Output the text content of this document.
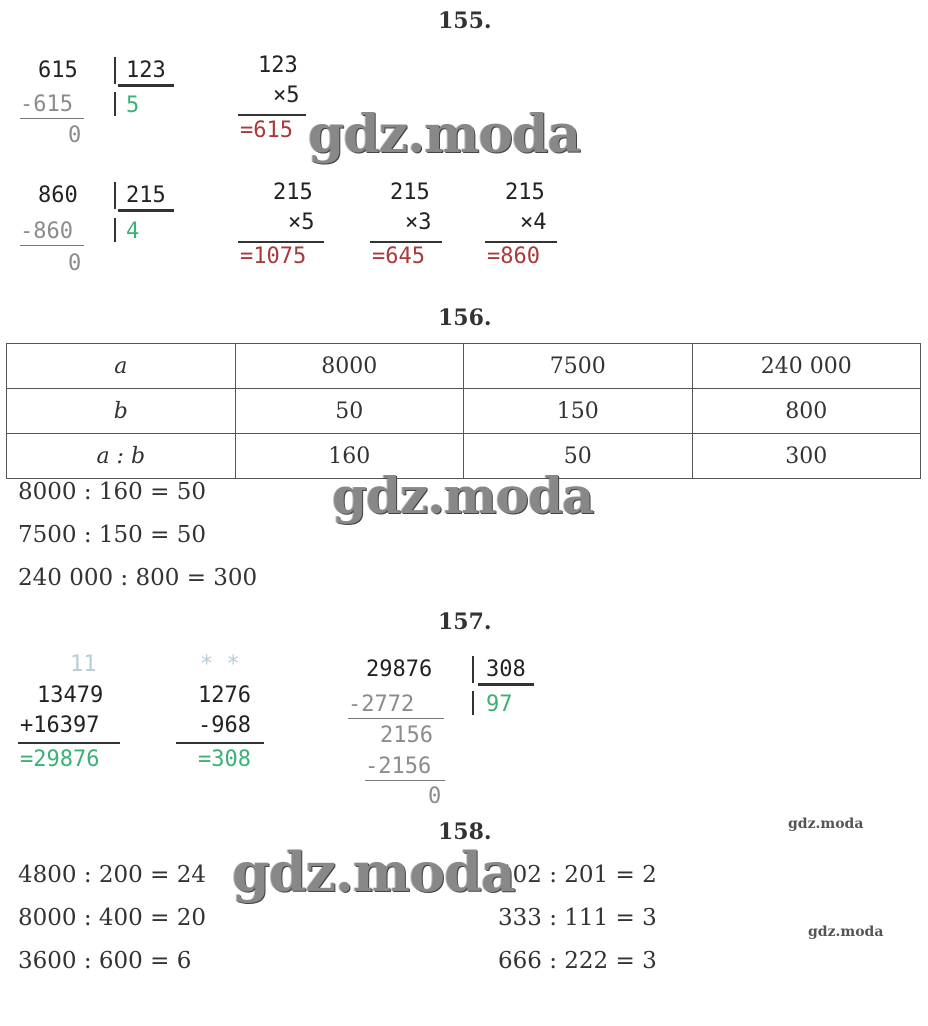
155.
615 123
-615 5
0
123
×5
=615
860 215
-860 4
0
215
×5
=1075
215
×3
=645
215
×4
=860
gdz.moda
156.
a	8000	7500	240 000
b	50	150	800
a : b	160	50	300
8000 : 160 = 50
7500 : 150 = 50
240 000 : 800 = 300
gdz.moda
157.
11
13479
+16397
=29876
* *
1276
-968
=308
29876 308
-2772	97
2156
-2156
0
158.
4800 : 200 = 24
8000 : 400 = 20
3600 : 600 = 6
402 : 201 = 2
333 : 111 = 3
666 : 222 = 3
gdz.moda
gdz.moda
gdz.moda
